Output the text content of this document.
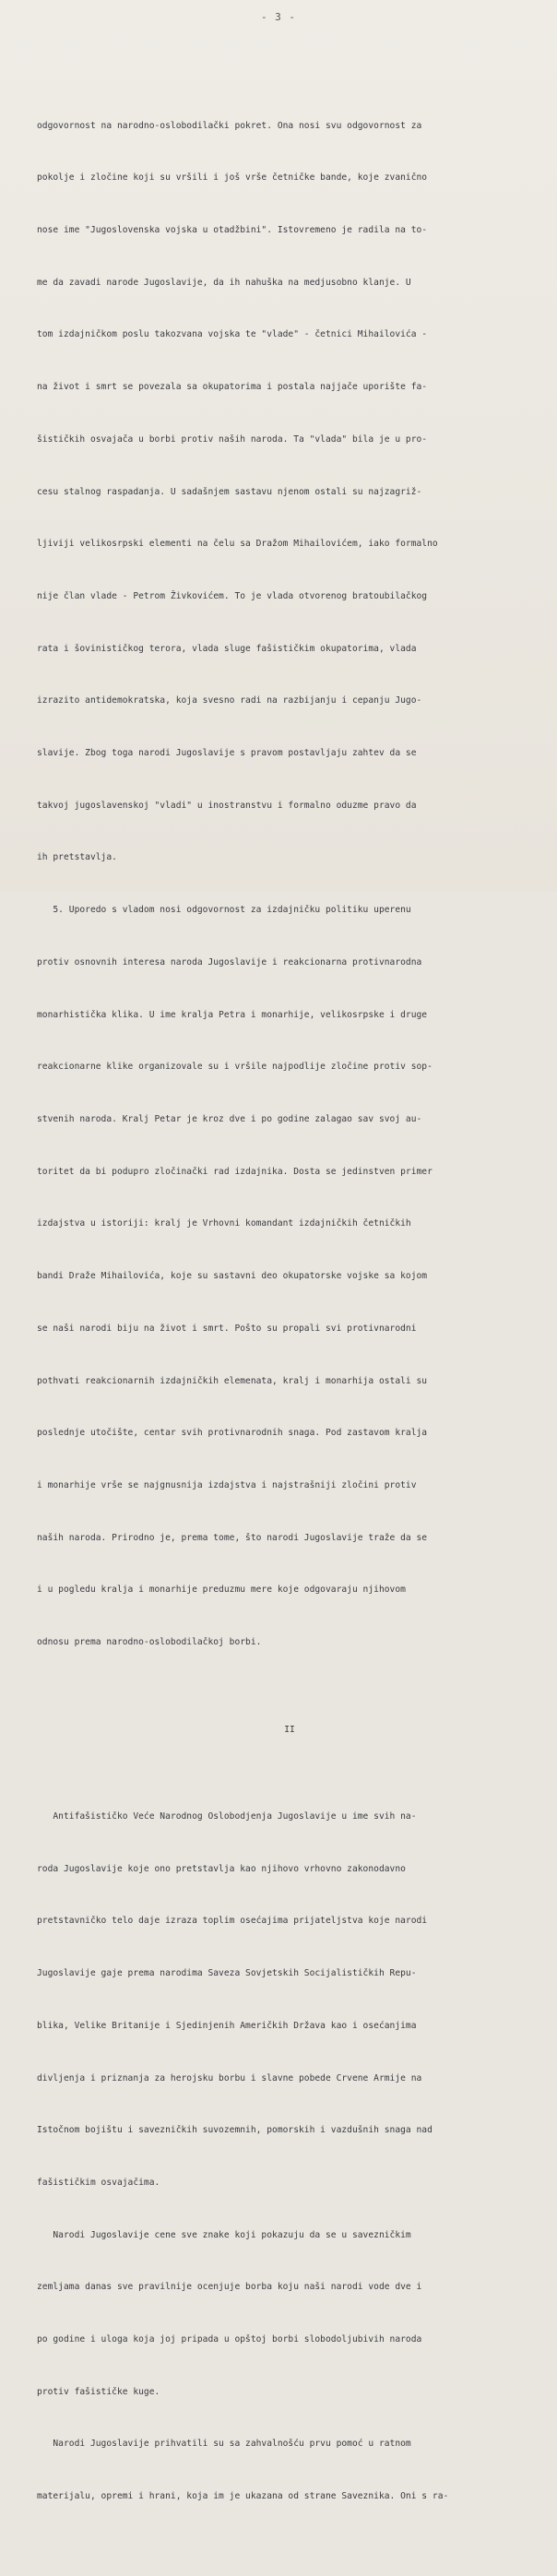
- 3 -

odgovornost na narodno-oslobodilački pokret. Ona nosi svu odgovornost za

pokolje i zločine koji su vršili i još vrše četničke bande, koje zvanično

nose ime "Jugoslovenska vojska u otadžbini". Istovremeno je radila na to-

me da zavadi narode Jugoslavije, da ih nahuška na medjusobno klanje. U

tom izdajničkom poslu takozvana vojska te "vlade" - četnici Mihailovića -

na život i smrt se povezala sa okupatorima i postala najjače uporište fa-

šističkih osvajača u borbi protiv naših naroda. Ta "vlada" bila je u pro-

cesu stalnog raspadanja. U sadašnjem sastavu njenom ostali su najzagriž-

ljiviji velikosrpski elementi na čelu sa Dražom Mihailovićem, iako formalno

nije član vlade - Petrom Živkovićem. To je vlada otvorenog bratoubilačkog

rata i šovinističkog terora, vlada sluge fašističkim okupatorima, vlada

izrazito antidemokratska, koja svesno radi na razbijanju i cepanju Jugo-

slavije. Zbog toga narodi Jugoslavije s pravom postavljaju zahtev da se

takvoj jugoslavenskoj "vladi" u inostranstvu i formalno oduzme pravo da

ih pretstavlja.

5. Uporedo s vladom nosi odgovornost za izdajničku politiku uperenu

protiv osnovnih interesa naroda Jugoslavije i reakcionarna protivnarodna

monarhistička klika. U ime kralja Petra i monarhije, velikosrpske i druge

reakcionarne klike organizovale su i vršile najpodlije zločine protiv sop-

stvenih naroda. Kralj Petar je kroz dve i po godine zalagao sav svoj au-

toritet da bi podupro zločinački rad izdajnika. Dosta se jedinstven primer

izdajstva u istoriji: kralj je Vrhovni komandant izdajničkih četničkih

bandi Draže Mihailovića, koje su sastavni deo okupatorske vojske sa kojom

se naši narodi biju na život i smrt. Pošto su propali svi protivnarodni

pothvati reakcionarnih izdajničkih elemenata, kralj i monarhija ostali su

poslednje utočište, centar svih protivnarodnih snaga. Pod zastavom kralja

i monarhije vrše se najgnusnija izdajstva i najstrašniji zločini protiv

naših naroda. Prirodno je, prema tome, što narodi Jugoslavije traže da se

i u pogledu kralja i monarhije preduzmu mere koje odgovaraju njihovom

odnosu prema narodno-oslobodilačkoj borbi.

II

Antifašističko Veće Narodnog Oslobodjenja Jugoslavije u ime svih na-

roda Jugoslavije koje ono pretstavlja kao njihovo vrhovno zakonodavno

pretstavničko telo daje izraza toplim osećajima prijateljstva koje narodi

Jugoslavije gaje prema narodima Saveza Sovjetskih Socijalističkih Repu-

blika, Velike Britanije i Sjedinjenih Američkih Država kao i osećanjima

divljenja i priznanja za herojsku borbu i slavne pobede Crvene Armije na

Istočnom bojištu i savezničkih suvozemnih, pomorskih i vazdušnih snaga nad

fašističkim osvajačima.

Narodi Jugoslavije cene sve znake koji pokazuju da se u savezničkim

zemljama danas sve pravilnije ocenjuje borba koju naši narodi vode dve i

po godine i uloga koja joj pripada u opštoj borbi slobodoljubivih naroda

protiv fašističke kuge.

Narodi Jugoslavije prihvatili su sa zahvalnošću prvu pomoć u ratnom

materijalu, opremi i hrani, koja im je ukazana od strane Saveznika. Oni s ra-
